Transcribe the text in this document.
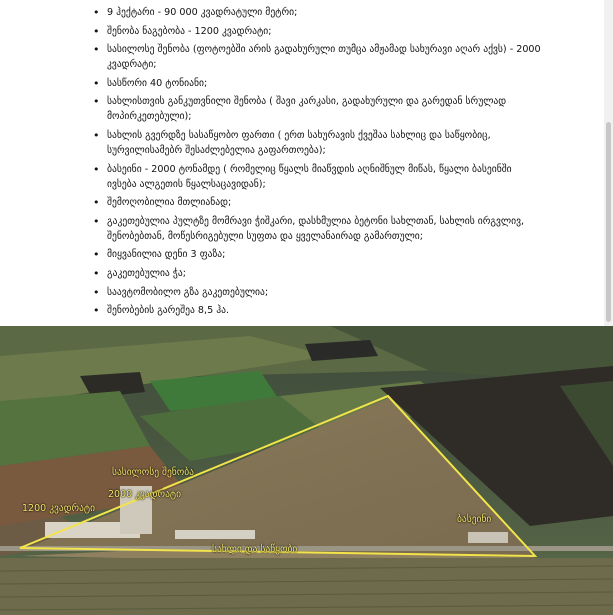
• 9 ჰექტარი - 90 000 კვადრატული მეტრი;
• შენობა ნაგებობა - 1200 კვადრატი;
• სასილოსე შენობა (ფოტოებში არის გადახურული თუმცა ამჟამად სახურავი აღარ აქვს) - 2000 კვადრატი;
• სასწორი 40 ტონიანი;
• სახლისთვის განკუთვნილი შენობა ( შავი კარკასი, გადახურული და გარედან სრულად მოპირკეთებული);
• სახლის გვერდზე სასაწყობო ფართი ( ერთ სახურავის ქვეშაა სახლიც და საწყობიც, სურვილისამებრ შესაძლებელია გაფართოება);
• ბასეინი - 2000 ტონამდე ( რომელიც წყალს მიაწვდის აღნიშნულ მიწას, წყალი ბასეინში ივსება ალგეთის წყალსაცავიდან);
• შემოღობილია მთლიანად;
• გაკეთებულია პულტზე მომრავი ჭიშკარი, დასხმულია ბეტონი სახლთან, სახლის ირგვლივ, შენობებთან, მოწესრიგებული სუფთა და ყველანაირად გამართული;
• მიყვანილია დენი 3 ფაზა;
• გაკეთებულია ჭა;
• საავტომობილო გზა გაკეთებულია;
• შენობების გარეშეა 8,5 ჰა.
სასილოსე შენობა
2000 კვადრატი
1200 კვადრატი
ბასეინი
სახლი და საწყობი
